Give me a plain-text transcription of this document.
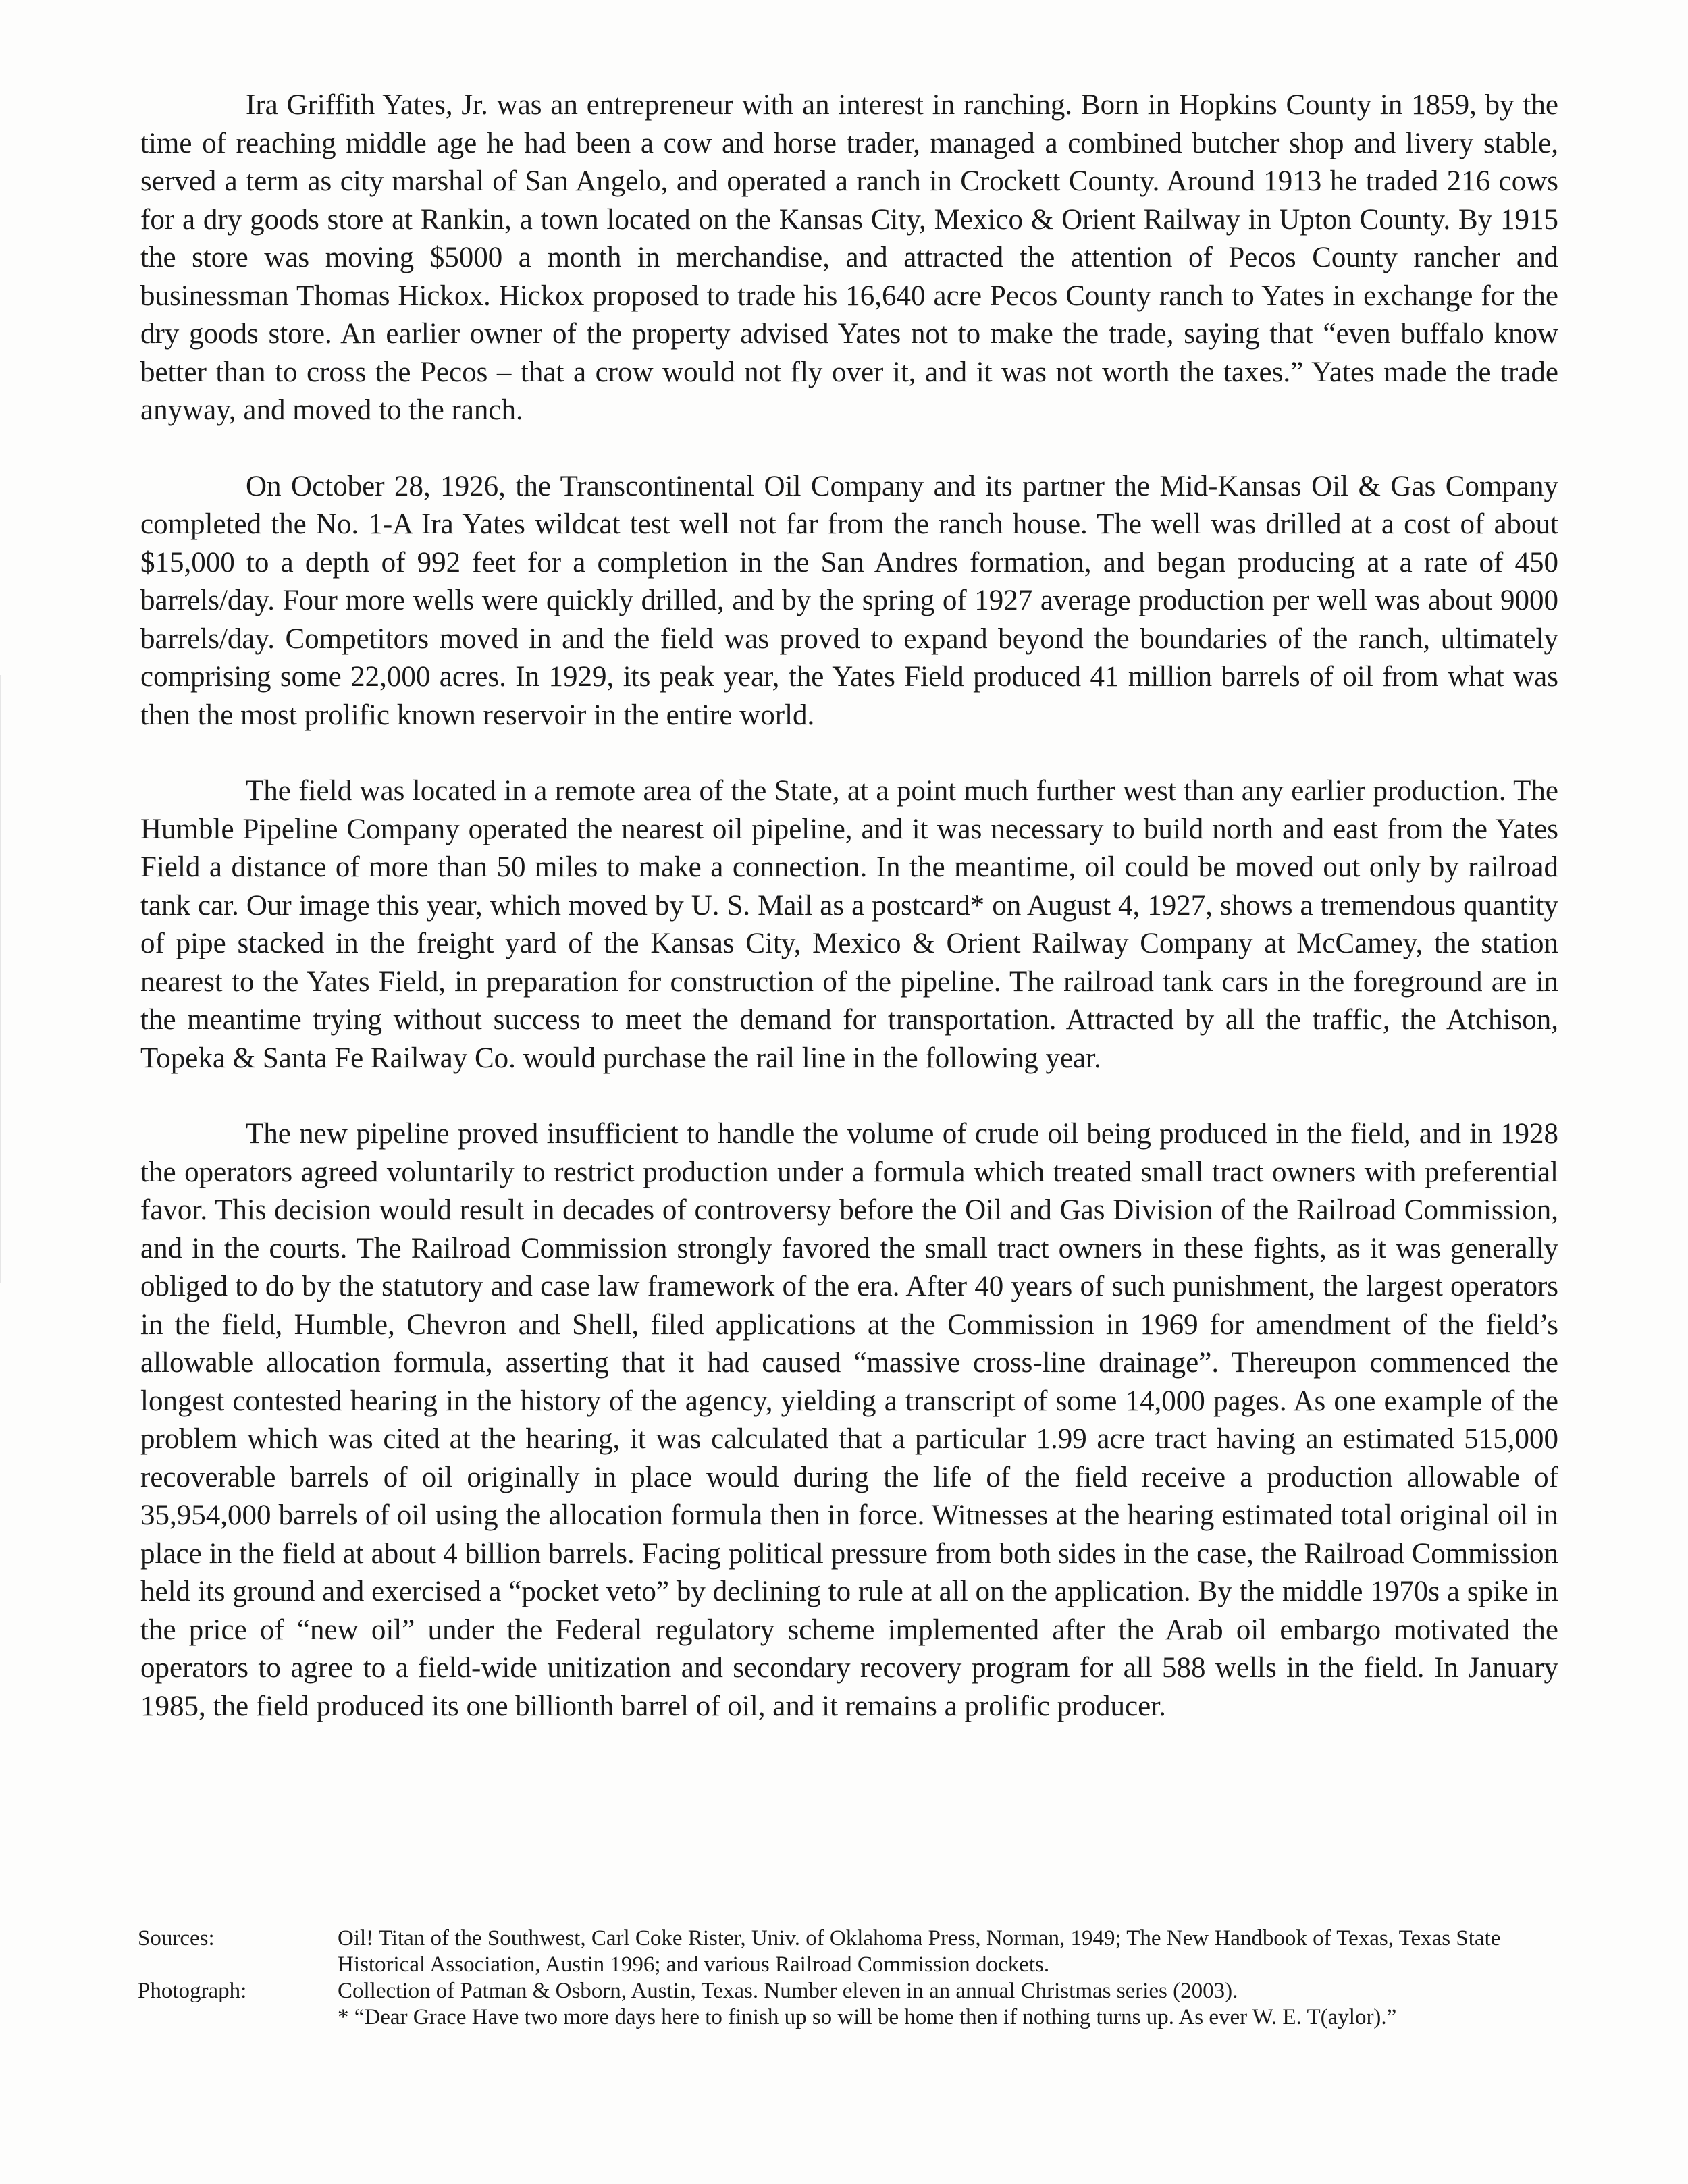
Ira Griffith Yates, Jr. was an entrepreneur with an interest in ranching. Born in Hopkins County in 1859, by the time of reaching middle age he had been a cow and horse trader, managed a combined butcher shop and livery stable, served a term as city marshal of San Angelo, and operated a ranch in Crockett County. Around 1913 he traded 216 cows for a dry goods store at Rankin, a town located on the Kansas City, Mexico & Orient Railway in Upton County. By 1915 the store was moving $5000 a month in merchandise, and attracted the attention of Pecos County rancher and businessman Thomas Hickox. Hickox proposed to trade his 16,640 acre Pecos County ranch to Yates in exchange for the dry goods store. An earlier owner of the property advised Yates not to make the trade, saying that “even buffalo know better than to cross the Pecos – that a crow would not fly over it, and it was not worth the taxes.” Yates made the trade anyway, and moved to the ranch.

On October 28, 1926, the Transcontinental Oil Company and its partner the Mid-Kansas Oil & Gas Company completed the No. 1-A Ira Yates wildcat test well not far from the ranch house. The well was drilled at a cost of about $15,000 to a depth of 992 feet for a completion in the San Andres formation, and began producing at a rate of 450 barrels/day. Four more wells were quickly drilled, and by the spring of 1927 average production per well was about 9000 barrels/day. Competitors moved in and the field was proved to expand beyond the boundaries of the ranch, ultimately comprising some 22,000 acres. In 1929, its peak year, the Yates Field produced 41 million barrels of oil from what was then the most prolific known reservoir in the entire world.

The field was located in a remote area of the State, at a point much further west than any earlier production. The Humble Pipeline Company operated the nearest oil pipeline, and it was necessary to build north and east from the Yates Field a distance of more than 50 miles to make a connection. In the meantime, oil could be moved out only by railroad tank car. Our image this year, which moved by U. S. Mail as a postcard* on August 4, 1927, shows a tremendous quantity of pipe stacked in the freight yard of the Kansas City, Mexico & Orient Railway Company at McCamey, the station nearest to the Yates Field, in preparation for construction of the pipeline. The railroad tank cars in the foreground are in the meantime trying without success to meet the demand for transportation. Attracted by all the traffic, the Atchison, Topeka & Santa Fe Railway Co. would purchase the rail line in the following year.

The new pipeline proved insufficient to handle the volume of crude oil being produced in the field, and in 1928 the operators agreed voluntarily to restrict production under a formula which treated small tract owners with preferential favor. This decision would result in decades of controversy before the Oil and Gas Division of the Railroad Commission, and in the courts. The Railroad Commission strongly favored the small tract owners in these fights, as it was generally obliged to do by the statutory and case law framework of the era. After 40 years of such punishment, the largest operators in the field, Humble, Chevron and Shell, filed applications at the Commission in 1969 for amendment of the field’s allowable allocation formula, asserting that it had caused “massive cross-line drainage”. Thereupon commenced the longest contested hearing in the history of the agency, yielding a transcript of some 14,000 pages. As one example of the problem which was cited at the hearing, it was calculated that a particular 1.99 acre tract having an estimated 515,000 recoverable barrels of oil originally in place would during the life of the field receive a production allowable of 35,954,000 barrels of oil using the allocation formula then in force. Witnesses at the hearing estimated total original oil in place in the field at about 4 billion barrels. Facing political pressure from both sides in the case, the Railroad Commission held its ground and exercised a “pocket veto” by declining to rule at all on the application. By the middle 1970s a spike in the price of “new oil” under the Federal regulatory scheme implemented after the Arab oil embargo motivated the operators to agree to a field-wide unitization and secondary recovery program for all 588 wells in the field. In January 1985, the field produced its one billionth barrel of oil, and it remains a prolific producer.

Sources:	Oil! Titan of the Southwest, Carl Coke Rister, Univ. of Oklahoma Press, Norman, 1949; The New Handbook of Texas, Texas State Historical Association, Austin 1996; and various Railroad Commission dockets.
Photograph:	Collection of Patman & Osborn, Austin, Texas. Number eleven in an annual Christmas series (2003).
* “Dear Grace Have two more days here to finish up so will be home then if nothing turns up. As ever W. E. T(aylor).”
